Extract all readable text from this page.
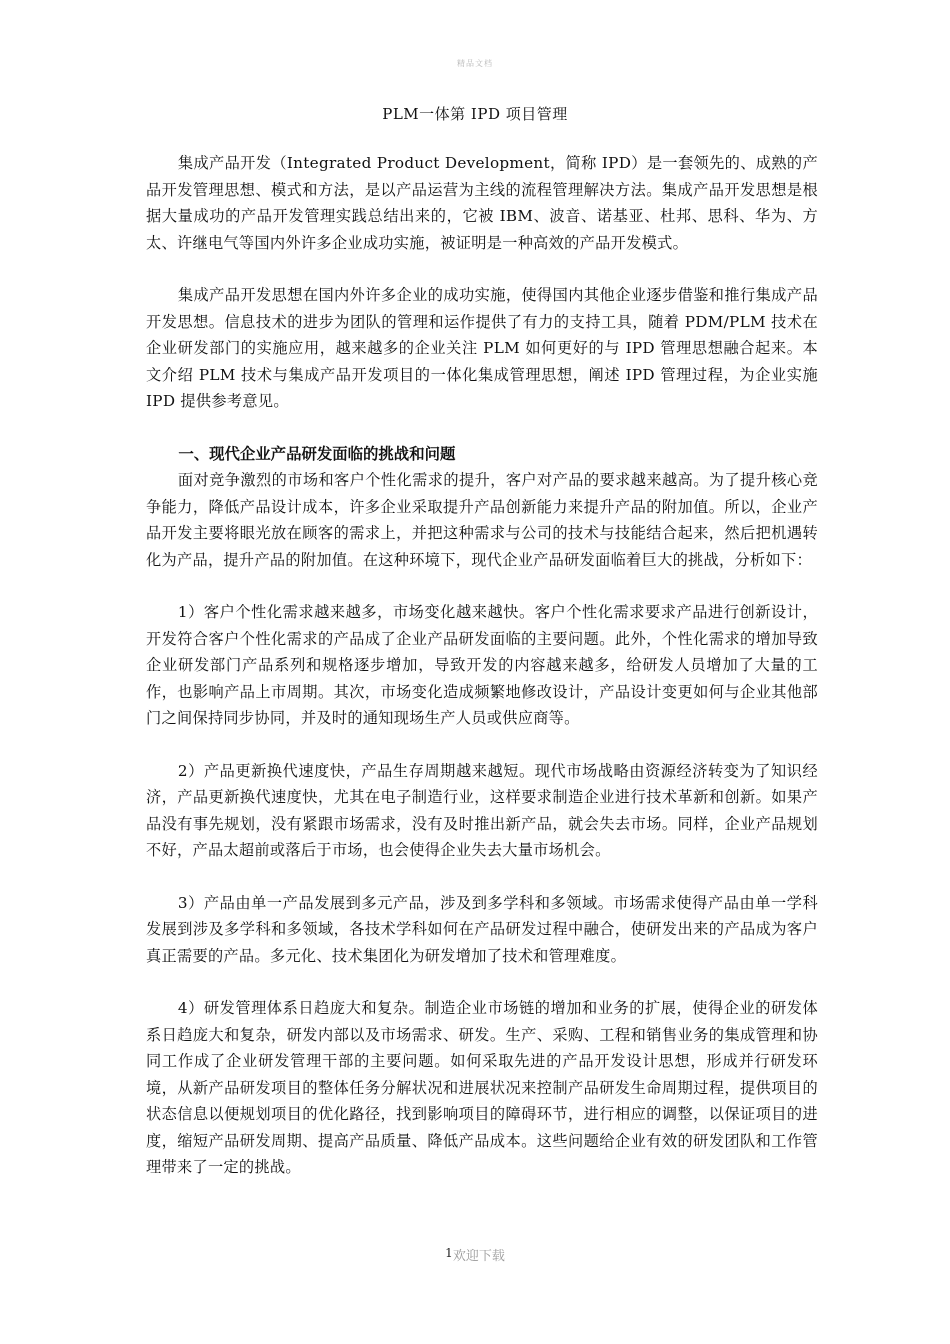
精品文档
PLM一体第 IPD 项目管理

集成产品开发（Integrated Product Development，简称 IPD）是一套领先的、成熟的产品开发管理思想、模式和方法，是以产品运营为主线的流程管理解决方法。集成产品开发思想是根据大量成功的产品开发管理实践总结出来的，它被 IBM、波音、诺基亚、杜邦、思科、华为、方太、许继电气等国内外许多企业成功实施，被证明是一种高效的产品开发模式。

集成产品开发思想在国内外许多企业的成功实施，使得国内其他企业逐步借鉴和推行集成产品开发思想。信息技术的进步为团队的管理和运作提供了有力的支持工具，随着 PDM/PLM 技术在企业研发部门的实施应用，越来越多的企业关注 PLM 如何更好的与 IPD 管理思想融合起来。本文介绍 PLM 技术与集成产品开发项目的一体化集成管理思想，阐述 IPD 管理过程，为企业实施 IPD 提供参考意见。

一、现代企业产品研发面临的挑战和问题

面对竞争激烈的市场和客户个性化需求的提升，客户对产品的要求越来越高。为了提升核心竞争能力，降低产品设计成本，许多企业采取提升产品创新能力来提升产品的附加值。所以，企业产品开发主要将眼光放在顾客的需求上，并把这种需求与公司的技术与技能结合起来，然后把机遇转化为产品，提升产品的附加值。在这种环境下，现代企业产品研发面临着巨大的挑战，分析如下：

1）客户个性化需求越来越多，市场变化越来越快。客户个性化需求要求产品进行创新设计，开发符合客户个性化需求的产品成了企业产品研发面临的主要问题。此外，个性化需求的增加导致企业研发部门产品系列和规格逐步增加，导致开发的内容越来越多，给研发人员增加了大量的工作，也影响产品上市周期。其次，市场变化造成频繁地修改设计，产品设计变更如何与企业其他部门之间保持同步协同，并及时的通知现场生产人员或供应商等。

2）产品更新换代速度快，产品生存周期越来越短。现代市场战略由资源经济转变为了知识经济，产品更新换代速度快，尤其在电子制造行业，这样要求制造企业进行技术革新和创新。如果产品没有事先规划，没有紧跟市场需求，没有及时推出新产品，就会失去市场。同样，企业产品规划不好，产品太超前或落后于市场，也会使得企业失去大量市场机会。

3）产品由单一产品发展到多元产品，涉及到多学科和多领域。市场需求使得产品由单一学科发展到涉及多学科和多领域，各技术学科如何在产品研发过程中融合，使研发出来的产品成为客户真正需要的产品。多元化、技术集团化为研发增加了技术和管理难度。

4）研发管理体系日趋庞大和复杂。制造企业市场链的增加和业务的扩展，使得企业的研发体系日趋庞大和复杂，研发内部以及市场需求、研发。生产、采购、工程和销售业务的集成管理和协同工作成了企业研发管理干部的主要问题。如何采取先进的产品开发设计思想，形成并行研发环境，从新产品研发项目的整体任务分解状况和进展状况来控制产品研发生命周期过程，提供项目的状态信息以便规划项目的优化路径，找到影响项目的障碍环节，进行相应的调整，以保证项目的进度，缩短产品研发周期、提高产品质量、降低产品成本。这些问题给企业有效的研发团队和工作管理带来了一定的挑战。

1欢迎下载
